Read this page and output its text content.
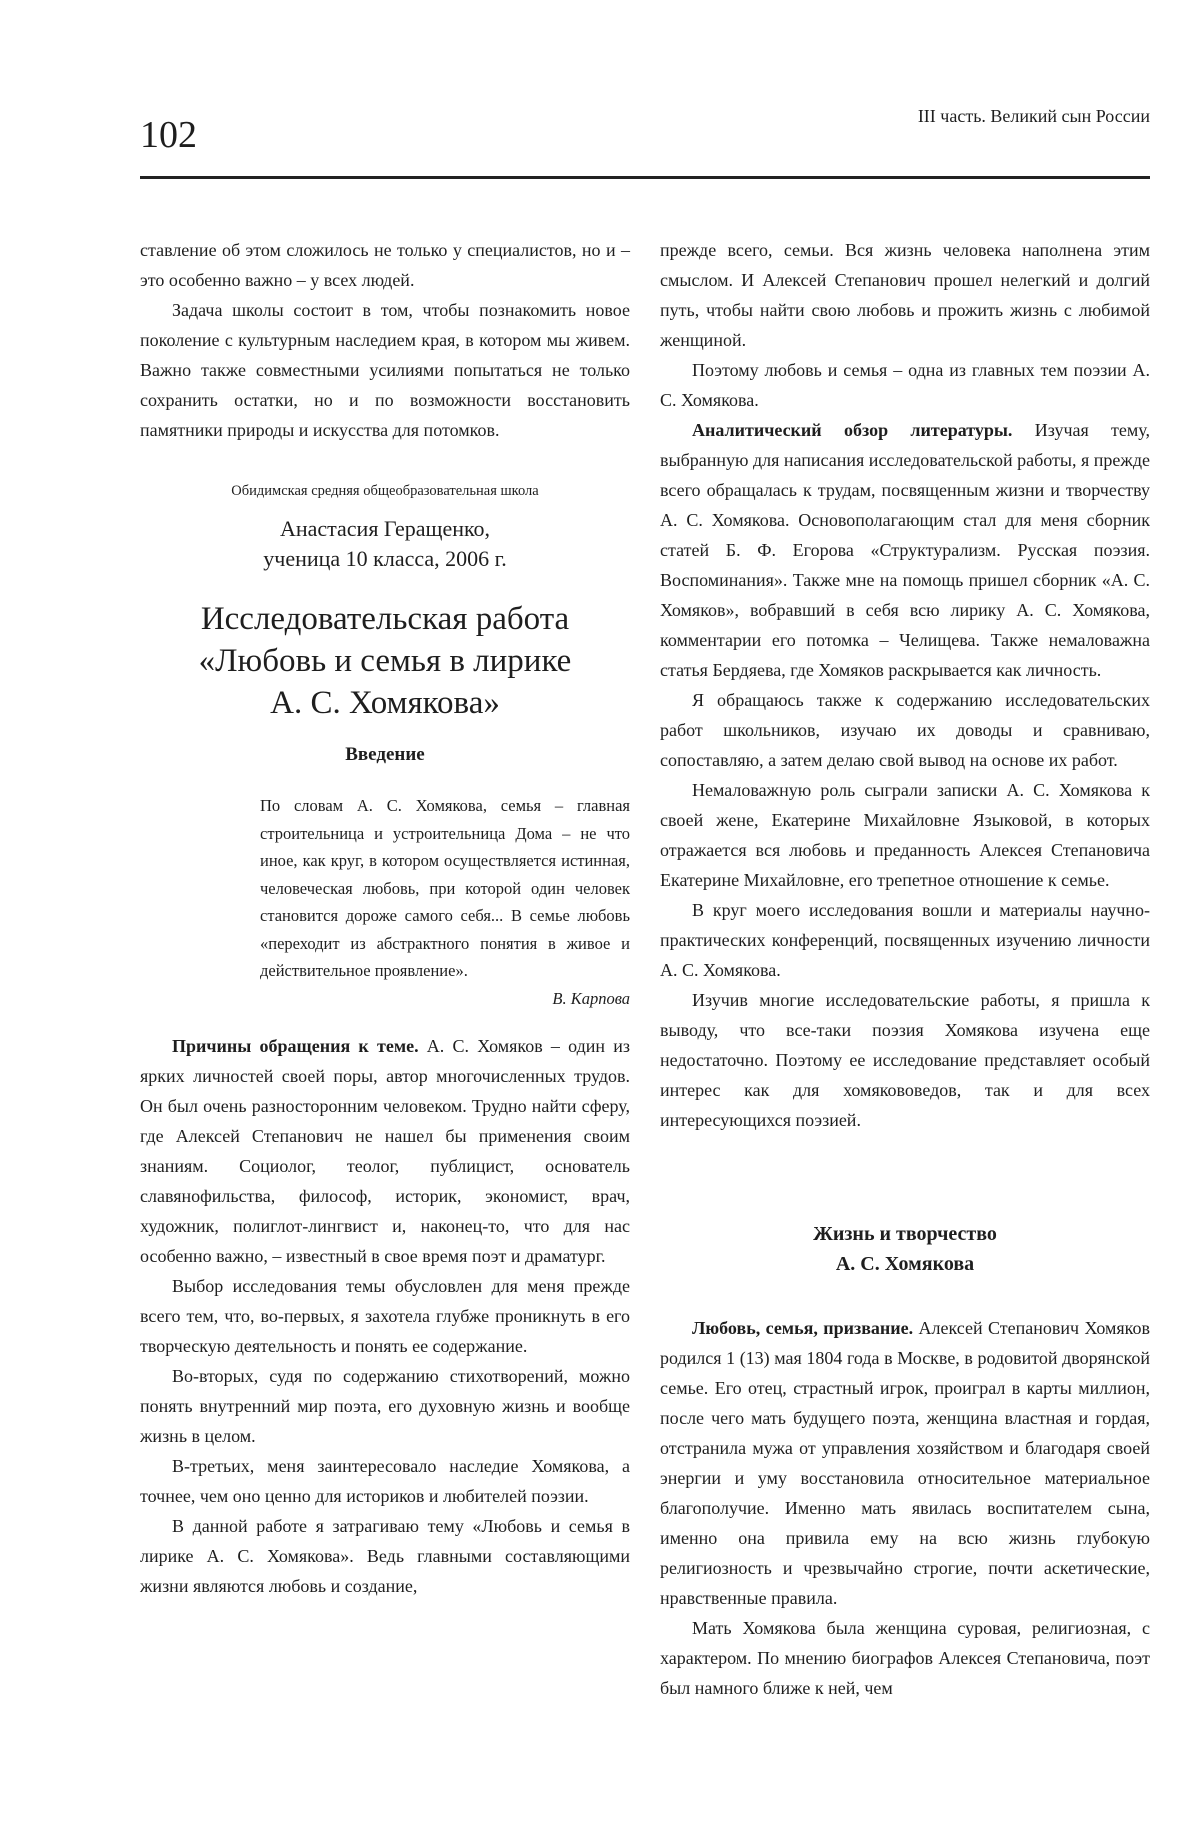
102	III часть. Великий сын России

ставление об этом сложилось не только у специалистов, но и – это особенно важно – у всех людей.

Задача школы состоит в том, чтобы познакомить новое поколение с культурным наследием края, в котором мы живем. Важно также совместными усилиями попытаться не только сохранить остатки, но и по возможности восстановить памятники природы и искусства для потомков.

Обидимская средняя общеобразовательная школа
Анастасия Геращенко,
ученица 10 класса, 2006 г.
Исследовательская работа
«Любовь и семья в лирике
А. С. Хомякова»
Введение

По словам А. С. Хомякова, семья – главная строительница и устроительница Дома – не что иное, как круг, в котором осуществляется истинная, человеческая любовь, при которой один человек становится дороже самого себя... В семье любовь «переходит из абстрактного понятия в живое и действительное проявление».

В. Карпова

Причины обращения к теме. А. С. Хомяков – один из ярких личностей своей поры, автор многочисленных трудов. Он был очень разносторонним человеком. Трудно найти сферу, где Алексей Степанович не нашел бы применения своим знаниям. Социолог, теолог, публицист, основатель славянофильства, философ, историк, экономист, врач, художник, полиглот-лингвист и, наконец-то, что для нас особенно важно, – известный в свое время поэт и драматург.

Выбор исследования темы обусловлен для меня прежде всего тем, что, во-первых, я захотела глубже проникнуть в его творческую деятельность и понять ее содержание.

Во-вторых, судя по содержанию стихотворений, можно понять внутренний мир поэта, его духовную жизнь и вообще жизнь в целом.

В-третьих, меня заинтересовало наследие Хомякова, а точнее, чем оно ценно для историков и любителей поэзии.

В данной работе я затрагиваю тему «Любовь и семья в лирике А. С. Хомякова». Ведь главными составляющими жизни являются любовь и создание,

прежде всего, семьи. Вся жизнь человека наполнена этим смыслом. И Алексей Степанович прошел нелегкий и долгий путь, чтобы найти свою любовь и прожить жизнь с любимой женщиной.

Поэтому любовь и семья – одна из главных тем поэзии А. С. Хомякова.

Аналитический обзор литературы. Изучая тему, выбранную для написания исследовательской работы, я прежде всего обращалась к трудам, посвященным жизни и творчеству А. С. Хомякова. Основополагающим стал для меня сборник статей Б. Ф. Егорова «Структурализм. Русская поэзия. Воспоминания». Также мне на помощь пришел сборник «А. С. Хомяков», вобравший в себя всю лирику А. С. Хомякова, комментарии его потомка – Челищева. Также немаловажна статья Бердяева, где Хомяков раскрывается как личность.

Я обращаюсь также к содержанию исследовательских работ школьников, изучаю их доводы и сравниваю, сопоставляю, а затем делаю свой вывод на основе их работ.

Немаловажную роль сыграли записки А. С. Хомякова к своей жене, Екатерине Михайловне Языковой, в которых отражается вся любовь и преданность Алексея Степановича Екатерине Михайловне, его трепетное отношение к семье.

В круг моего исследования вошли и материалы научно-практических конференций, посвященных изучению личности А. С. Хомякова.

Изучив многие исследовательские работы, я пришла к выводу, что все-таки поэзия Хомякова изучена еще недостаточно. Поэтому ее исследование представляет особый интерес как для хомякововедов, так и для всех интересующихся поэзией.

Жизнь и творчество
А. С. Хомякова

Любовь, семья, призвание. Алексей Степанович Хомяков родился 1 (13) мая 1804 года в Москве, в родовитой дворянской семье. Его отец, страстный игрок, проиграл в карты миллион, после чего мать будущего поэта, женщина властная и гордая, отстранила мужа от управления хозяйством и благодаря своей энергии и уму восстановила относительное материальное благополучие. Именно мать явилась воспитателем сына, именно она привила ему на всю жизнь глубокую религиозность и чрезвычайно строгие, почти аскетические, нравственные правила.

Мать Хомякова была женщина суровая, религиозная, с характером. По мнению биографов Алексея Степановича, поэт был намного ближе к ней, чем
